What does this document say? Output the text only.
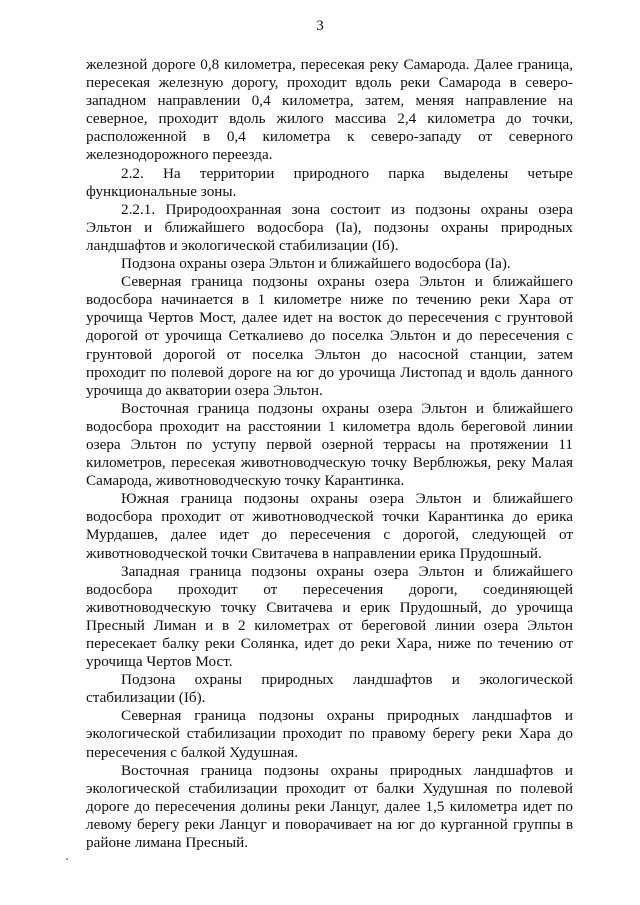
3

железной дороге 0,8 километра, пересекая реку Самарода. Далее граница, пересекая железную дорогу, проходит вдоль реки Самарода в северо-западном направлении 0,4 километра, затем, меняя направление на северное, проходит вдоль жилого массива 2,4 километра до точки, расположенной в 0,4 километра к северо-западу от северного железнодорожного переезда.

2.2. На территории природного парка выделены четыре функциональные зоны.

2.2.1. Природоохранная зона состоит из подзоны охраны озера Эльтон и ближайшего водосбора (Iа), подзоны охраны природных ландшафтов и экологической стабилизации (Iб).

Подзона охраны озера Эльтон и ближайшего водосбора (Iа).

Северная граница подзоны охраны озера Эльтон и ближайшего водосбора начинается в 1 километре ниже по течению реки Хара от урочища Чертов Мост, далее идет на восток до пересечения с грунтовой дорогой от урочища Сеткалиево до поселка Эльтон и до пересечения с грунтовой дорогой от поселка Эльтон до насосной станции, затем проходит по полевой дороге на юг до урочища Листопад и вдоль данного урочища до акватории озера Эльтон.

Восточная граница подзоны охраны озера Эльтон и ближайшего водосбора проходит на расстоянии 1 километра вдоль береговой линии озера Эльтон по уступу первой озерной террасы на протяжении 11 километров, пересекая животноводческую точку Верблюжья, реку Малая Самарода, животноводческую точку Карантинка.

Южная граница подзоны охраны озера Эльтон и ближайшего водосбора проходит от животноводческой точки Карантинка до ерика Мурдашев, далее идет до пересечения с дорогой, следующей от животноводческой точки Свитачева в направлении ерика Прудошный.

Западная граница подзоны охраны озера Эльтон и ближайшего водосбора проходит от пересечения дороги, соединяющей животноводческую точку Свитачева и ерик Прудошный, до урочища Пресный Лиман и в 2 километрах от береговой линии озера Эльтон пересекает балку реки Солянка, идет до реки Хара, ниже по течению от урочища Чертов Мост.

Подзона охраны природных ландшафтов и экологической стабилизации (Iб).

Северная граница подзоны охраны природных ландшафтов и экологической стабилизации проходит по правому берегу реки Хара до пересечения с балкой Худушная.

Восточная граница подзоны охраны природных ландшафтов и экологической стабилизации проходит от балки Худушная по полевой дороге до пересечения долины реки Ланцуг, далее 1,5 километра идет по левому берегу реки Ланцуг и поворачивает на юг до курганной группы в районе лимана Пресный.
